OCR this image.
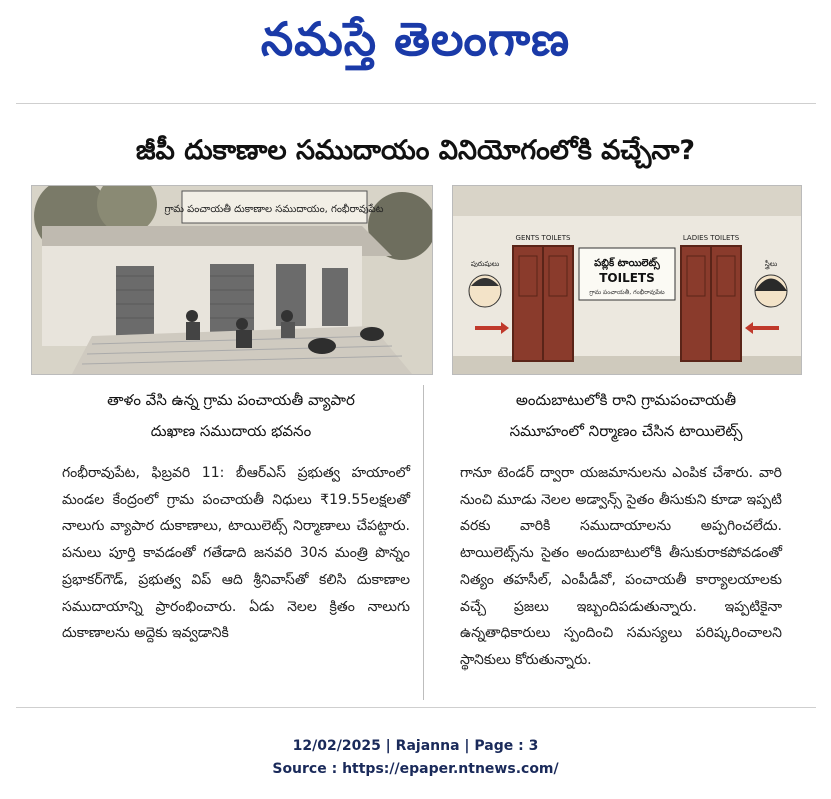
నమస్తే తెలంగాణ
జీపీ దుకాణాల సముదాయం వినియోగంలోకి వచ్చేనా?
గ్రామ పంచాయతీ దుకాణాల సముదాయం, గంభీరావుపేట
GENTS TOILETS	LADIES TOILETS
పబ్లిక్ టాయిలెట్స్
TOILETS
గ్రామ పంచాయతీ, గంభీరావుపేట
పురుషులు	స్త్రీలు
తాళం వేసి ఉన్న గ్రామ పంచాయతీ వ్యాపార
దుఖాణ సముదాయ భవనం
అందుబాటులోకి రాని గ్రామపంచాయతీ
సమూహంలో నిర్మాణం చేసిన టాయిలెట్స్
గంభీరావుపేట, ఫిబ్రవరి 11: బీఆర్ఎస్ ప్రభుత్వ హయాంలో మండల కేంద్రంలో గ్రామ పంచాయతీ నిధులు ₹19.55లక్షలతో నాలుగు వ్యాపార దుకాణాలు, టాయిలెట్స్ నిర్మాణాలు చేపట్టారు. పనులు పూర్తి కావడంతో గతేడాది జనవరి 30న మంత్రి పొన్నం ప్రభాకర్‌గౌడ్, ప్రభుత్వ విప్ ఆది శ్రీనివాస్‌తో కలిసి దుకాణాల సముదాయాన్ని ప్రారంభించారు. ఏడు నెలల క్రితం నాలుగు దుకాణాలను అద్దెకు ఇవ్వడానికి
గానూ టెండర్ ద్వారా యజమానులను ఎంపిక చేశారు. వారి నుంచి మూడు నెలల అడ్వాన్స్ సైతం తీసుకుని కూడా ఇప్పటి వరకు వారికి సముదాయాలను అప్పగించలేదు. టాయిలెట్స్‌ను సైతం అందుబాటులోకి తీసుకురాకపోవడంతో నిత్యం తహసీల్, ఎంపీడీవో, పంచాయతీ కార్యాలయాలకు వచ్చే ప్రజలు ఇబ్బందిపడుతున్నారు. ఇప్పటికైనా ఉన్నతాధికారులు స్పందించి సమస్యలు పరిష్కరించాలని స్థానికులు కోరుతున్నారు.
12/02/2025 | Rajanna | Page : 3
Source : https://epaper.ntnews.com/
